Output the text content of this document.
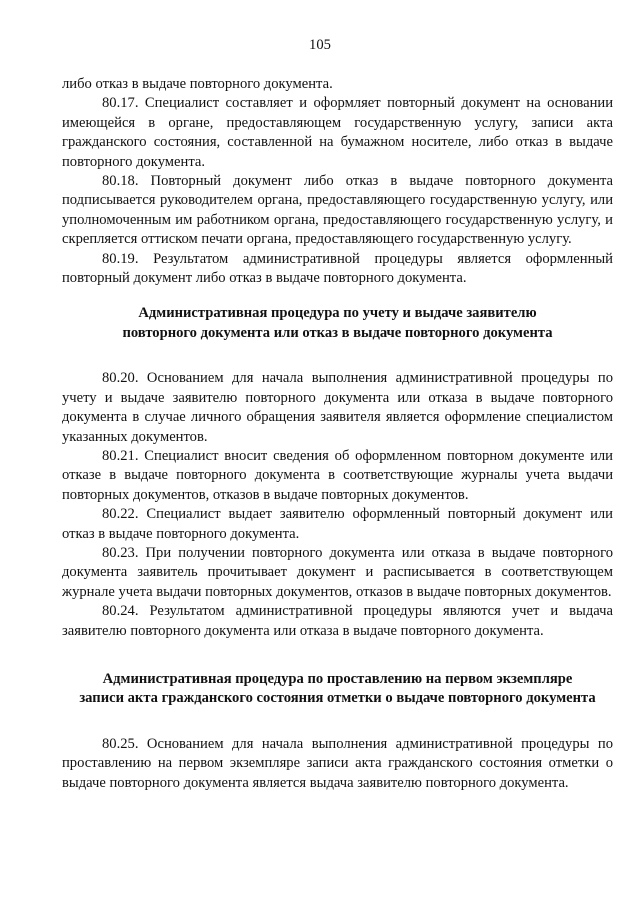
105

либо отказ в выдаче повторного документа.

80.17. Специалист составляет и оформляет повторный документ на основании имеющейся в органе, предоставляющем государственную услугу, записи акта гражданского состояния, составленной на бумажном носителе, либо отказ в выдаче повторного документа.

80.18. Повторный документ либо отказ в выдаче повторного документа подписывается руководителем органа, предоставляющего государственную услугу, или уполномоченным им работником органа, предоставляющего государственную услугу, и скрепляется оттиском печати органа, предоставляющего государственную услугу.

80.19. Результатом административной процедуры является оформленный повторный документ либо отказ в выдаче повторного документа.

Административная процедура по учету и выдаче заявителю

повторного документа или отказ в выдаче повторного документа

80.20. Основанием для начала выполнения административной процедуры по учету и выдаче заявителю повторного документа или отказа в выдаче повторного документа в случае личного обращения заявителя является оформление специалистом указанных документов.

80.21. Специалист вносит сведения об оформленном повторном документе или отказе в выдаче повторного документа в соответствующие журналы учета выдачи повторных документов, отказов в выдаче повторных документов.

80.22. Специалист выдает заявителю оформленный повторный документ или отказ в выдаче повторного документа.

80.23. При получении повторного документа или отказа в выдаче повторного документа заявитель прочитывает документ и расписывается в соответствующем журнале учета выдачи повторных документов, отказов в выдаче повторных документов.

80.24. Результатом административной процедуры являются учет и выдача заявителю повторного документа или отказа в выдаче повторного документа.

Административная процедура по проставлению на первом экземпляре

записи акта гражданского состояния отметки о выдаче повторного документа

80.25. Основанием для начала выполнения административной процедуры по проставлению на первом экземпляре записи акта гражданского состояния отметки о выдаче повторного документа является выдача заявителю повторного документа.
